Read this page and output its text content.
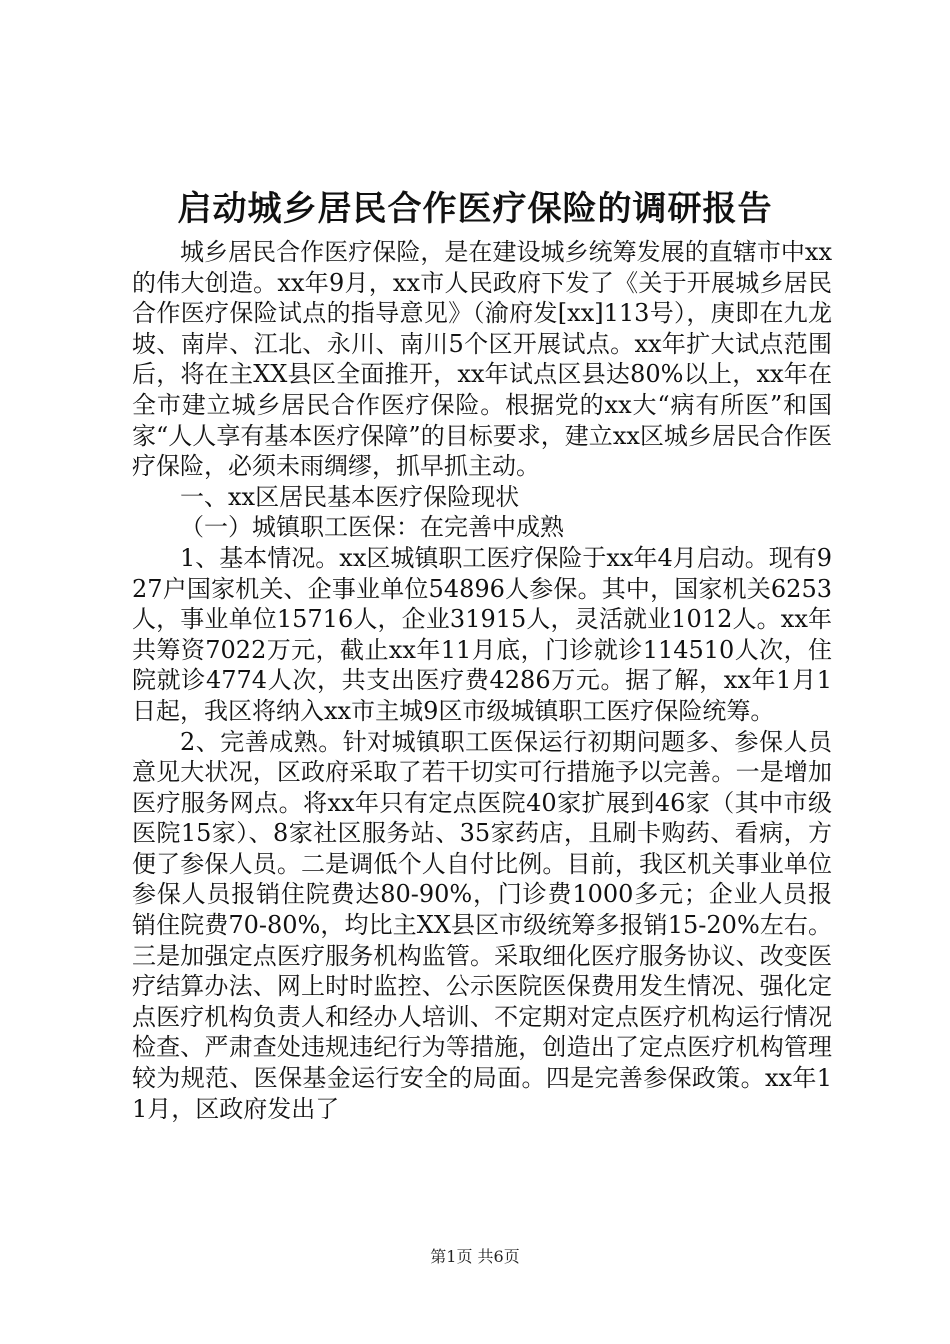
启动城乡居民合作医疗保险的调研报告

城乡居民合作医疗保险，是在建设城乡统筹发展的直辖市中xx的伟大创造。xx年9月，xx市人民政府下发了《关于开展城乡居民合作医疗保险试点的指导意见》（渝府发[xx]113号），庚即在九龙坡、南岸、江北、永川、南川5个区开展试点。xx年扩大试点范围后，将在主XX县区全面推开，xx年试点区县达80%以上，xx年在全市建立城乡居民合作医疗保险。根据党的xx大“病有所医”和国家“人人享有基本医疗保障”的目标要求，建立xx区城乡居民合作医疗保险，必须未雨绸缪，抓早抓主动。

一、xx区居民基本医疗保险现状

（一）城镇职工医保：在完善中成熟

1、基本情况。xx区城镇职工医疗保险于xx年4月启动。现有927户国家机关、企事业单位54896人参保。其中，国家机关6253人，事业单位15716人，企业31915人，灵活就业1012人。xx年共筹资7022万元，截止xx年11月底，门诊就诊114510人次，住院就诊4774人次，共支出医疗费4286万元。据了解，xx年1月1日起，我区将纳入xx市主城9区市级城镇职工医疗保险统筹。

2、完善成熟。针对城镇职工医保运行初期问题多、参保人员意见大状况，区政府采取了若干切实可行措施予以完善。一是增加医疗服务网点。将xx年只有定点医院40家扩展到46家（其中市级医院15家）、8家社区服务站、35家药店，且刷卡购药、看病，方便了参保人员。二是调低个人自付比例。目前，我区机关事业单位参保人员报销住院费达80-90%，门诊费1000多元；企业人员报销住院费70-80%，均比主XX县区市级统筹多报销15-20%左右。三是加强定点医疗服务机构监管。采取细化医疗服务协议、改变医疗结算办法、网上时时监控、公示医院医保费用发生情况、强化定点医疗机构负责人和经办人培训、不定期对定点医疗机构运行情况检查、严肃查处违规违纪行为等措施，创造出了定点医疗机构管理较为规范、医保基金运行安全的局面。四是完善参保政策。xx年11月，区政府发出了

第1页 共6页
